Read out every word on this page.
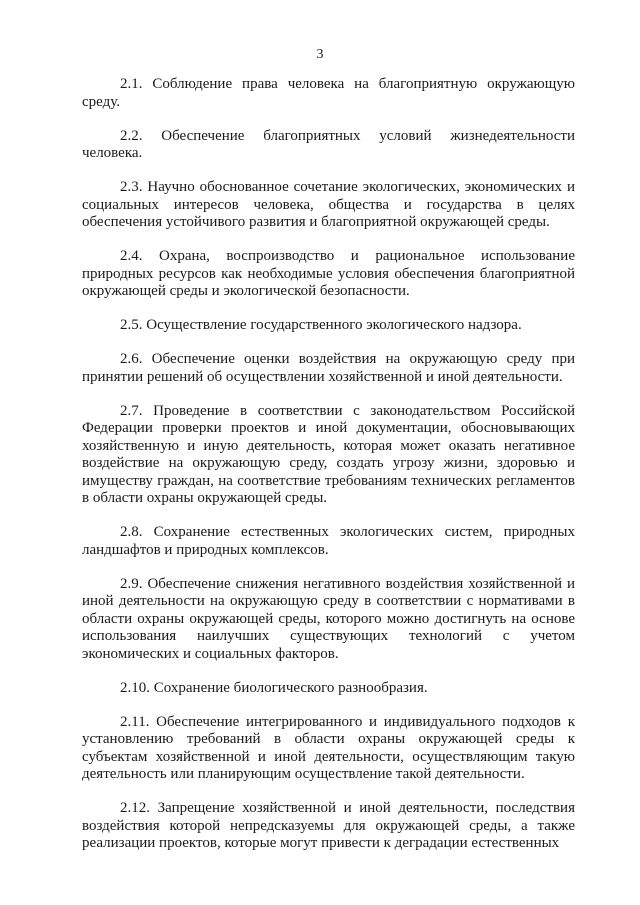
3

2.1. Соблюдение права человека на благоприятную окружающую среду.

2.2. Обеспечение благоприятных условий жизнедеятельности человека.

2.3. Научно обоснованное сочетание экологических, экономических и социальных интересов человека, общества и государства в целях обеспечения устойчивого развития и благоприятной окружающей среды.

2.4. Охрана, воспроизводство и рациональное использование природных ресурсов как необходимые условия обеспечения благоприятной окружающей среды и экологической безопасности.

2.5. Осуществление государственного экологического надзора.

2.6. Обеспечение оценки воздействия на окружающую среду при принятии решений об осуществлении хозяйственной и иной деятельности.

2.7. Проведение в соответствии с законодательством Российской Федерации проверки проектов и иной документации, обосновывающих хозяйственную и иную деятельность, которая может оказать негативное воздействие на окружающую среду, создать угрозу жизни, здоровью и имуществу граждан, на соответствие требованиям технических регламентов в области охраны окружающей среды.

2.8. Сохранение естественных экологических систем, природных ландшафтов и природных комплексов.

2.9. Обеспечение снижения негативного воздействия хозяйственной и иной деятельности на окружающую среду в соответствии с нормативами в области охраны окружающей среды, которого можно достигнуть на основе использования наилучших существующих технологий с учетом экономических и социальных факторов.

2.10. Сохранение биологического разнообразия.

2.11. Обеспечение интегрированного и индивидуального подходов к установлению требований в области охраны окружающей среды к субъектам хозяйственной и иной деятельности, осуществляющим такую деятельность или планирующим осуществление такой деятельности.

2.12. Запрещение хозяйственной и иной деятельности, последствия воздействия которой непредсказуемы для окружающей среды, а также реализации проектов, которые могут привести к деградации естественных
